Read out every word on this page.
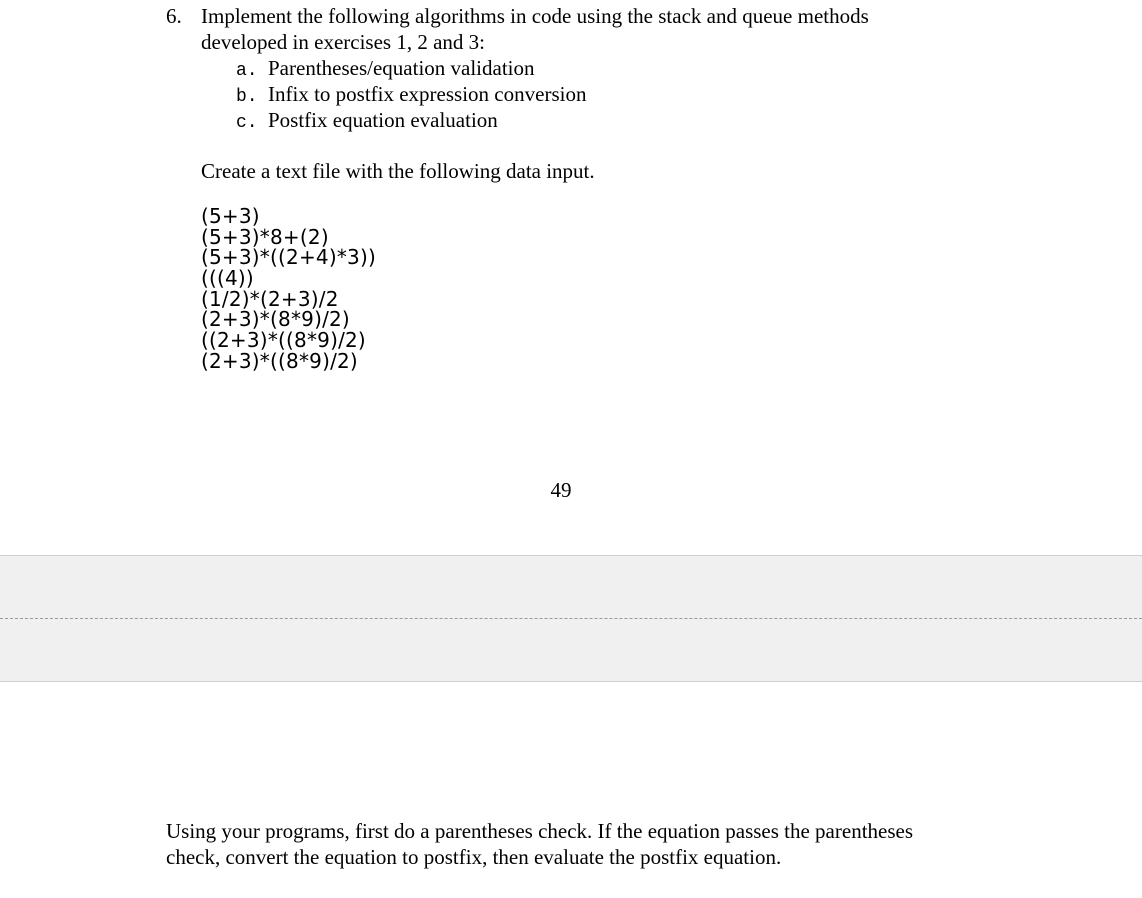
6. Implement the following algorithms in code using the stack and queue methods
developed in exercises 1, 2 and 3:
a. Parentheses/equation validation
b. Infix to postfix expression conversion
c. Postfix equation evaluation
Create a text file with the following data input.
(5+3)
(5+3)*8+(2)
(5+3)*((2+4)*3))
(((4))
(1/2)*(2+3)/2
(2+3)*(8*9)/2)
((2+3)*((8*9)/2)
(2+3)*((8*9)/2)
49
Using your programs, first do a parentheses check. If the equation passes the parentheses
check, convert the equation to postfix, then evaluate the postfix equation.
